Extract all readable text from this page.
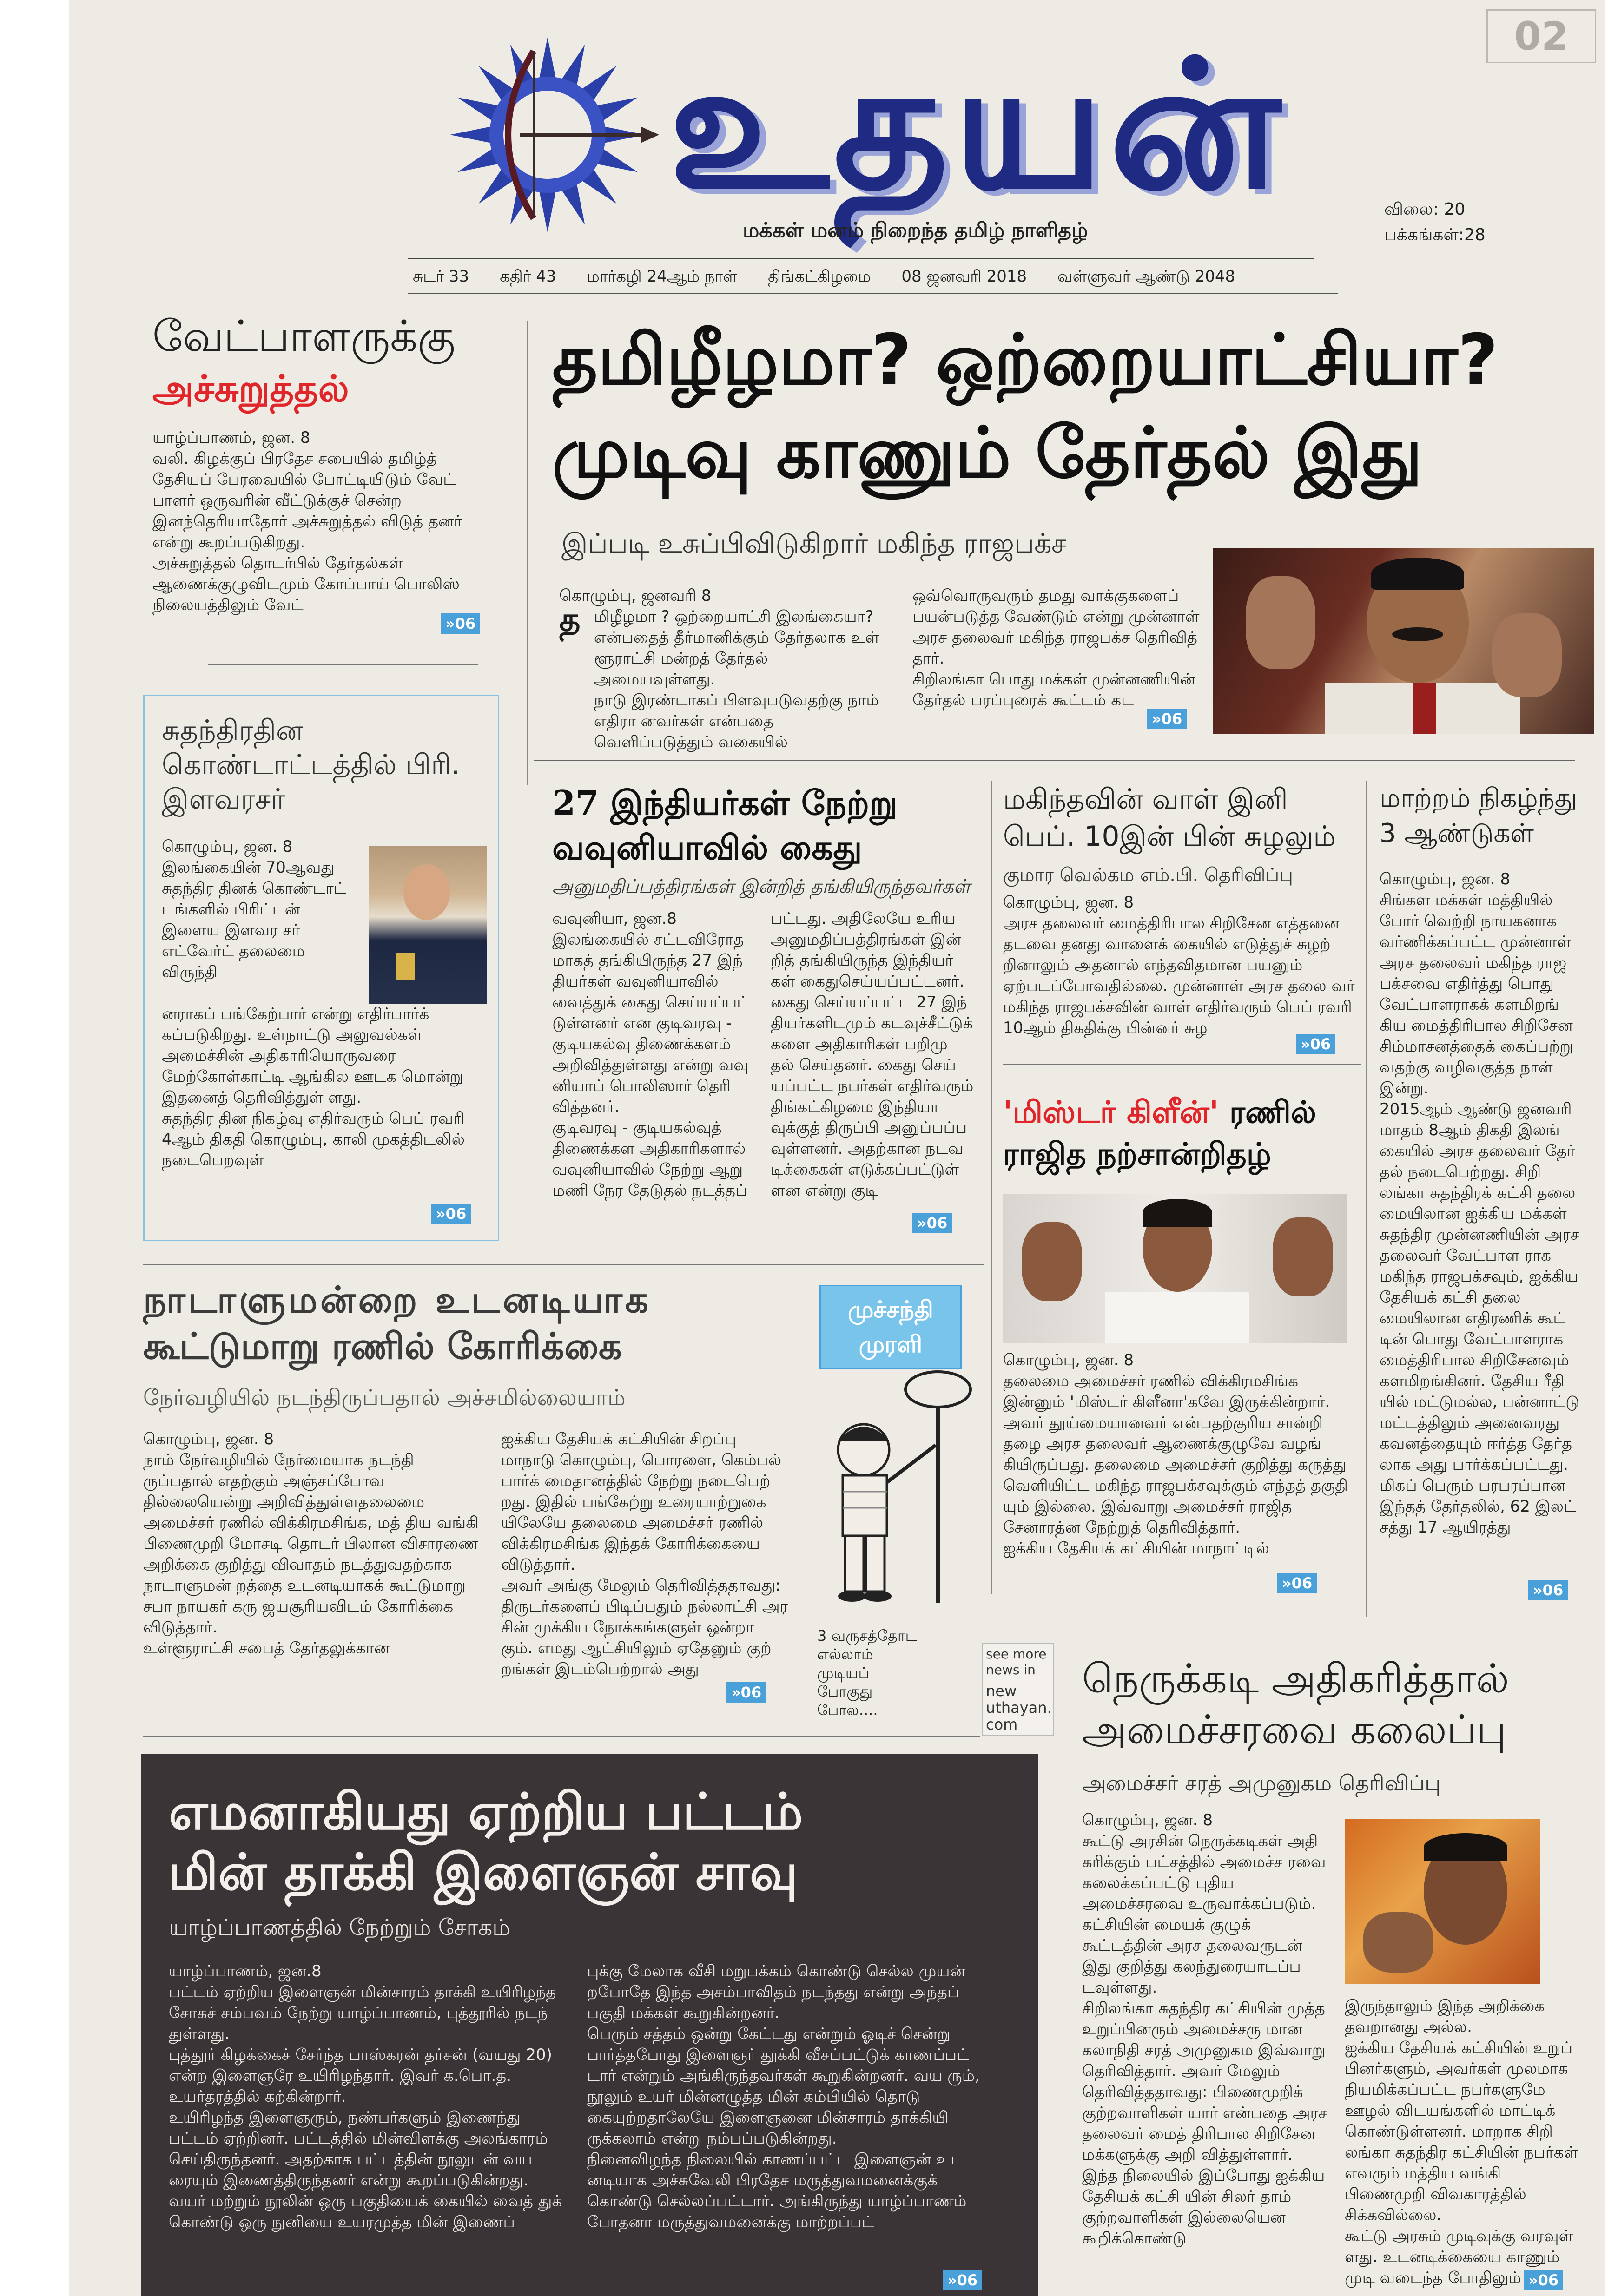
02
உதயன்
மக்கள் மனம் நிறைந்த தமிழ் நாளிதழ்
விலை: 20
பக்கங்கள்:28
சுடர் 33 கதிர் 43 மார்கழி 24ஆம் நாள் திங்கட்கிழமை 08 ஜனவரி 2018 வள்ளுவர் ஆண்டு 2048
வேட்பாளருக்கு
அச்சுறுத்தல்
யாழ்ப்பாணம், ஜன. 8
வலி. கிழக்குப் பிரதேச சபையில் தமிழ்த் தேசியப் பேரவையில் போட்டியிடும் வேட் பாளர் ஒருவரின் வீட்டுக்குச் சென்ற இனந்தெரியாதோர் அச்சுறுத்தல் விடுத் தனர் என்று கூறப்படுகிறது.
அச்சுறுத்தல் தொடர்பில் தேர்தல்கள் ஆணைக்குழுவிடமும் கோப்பாய் பொலிஸ் நிலையத்திலும் வேட்
»06
சுதந்திரதின கொண்டாட்டத்தில் பிரி. இளவரசர்
கொழும்பு, ஜன. 8
இலங்கையின் 70ஆவது சுதந்திர தினக் கொண்டாட் டங்களில் பிரிட்டன் இளைய இளவர சர் எட்வேர்ட் தலைமை விருந்தி
னராகப் பங்கேற்பார் என்று எதிர்பார்க் கப்படுகிறது. உள்நாட்டு அலுவல்கள் அமைச்சின் அதிகாரியொருவரை மேற்கோள்காட்டி ஆங்கில ஊடக மொன்று இதனைத் தெரிவித்துள் ளது.
சுதந்திர தின நிகழ்வு எதிர்வரும் பெப் ரவரி 4ஆம் திகதி கொழும்பு, காலி முகத்திடலில் நடைபெறவுள்
»06
தமிழீழமா? ஒற்றையாட்சியா?
முடிவு காணும் தேர்தல் இது
இப்படி உசுப்பிவிடுகிறார் மகிந்த ராஜபக்ச
கொழும்பு, ஜனவரி 8
த மிழீழமா ? ஒற்றையாட்சி இலங்கையா? என்பதைத் தீர்மானிக்கும் தேர்தலாக உள் ளூராட்சி மன்றத் தேர்தல் அமையவுள்ளது.
நாடு இரண்டாகப் பிளவுபடுவதற்கு நாம் எதிரா னவர்கள் என்பதை வெளிப்படுத்தும் வகையில்
ஒவ்வொருவரும் தமது வாக்குகளைப் பயன்படுத்த வேண்டும் என்று முன்னாள் அரச தலைவர் மகிந்த ராஜபக்ச தெரிவித் தார்.
சிறிலங்கா பொது மக்கள் முன்னணியின் தேர்தல் பரப்புரைக் கூட்டம் கட
»06
27 இந்தியர்கள் நேற்று வவுனியாவில் கைது
அனுமதிப்பத்திரங்கள் இன்றித் தங்கியிருந்தவர்கள்
வவுனியா, ஜன.8
இலங்கையில் சட்டவிரோத மாகத் தங்கியிருந்த 27 இந் தியர்கள் வவுனியாவில் வைத்துக் கைது செய்யப்பட் டுள்ளனர் என குடிவரவு - குடியகல்வு திணைக்களம் அறிவித்துள்ளது என்று வவு னியாப் பொலிஸார் தெரி வித்தனர்.
குடிவரவு - குடியகல்வுத் திணைக்கள அதிகாரிகளால் வவுனியாவில் நேற்று ஆறு மணி நேர தேடுதல் நடத்தப்
பட்டது. அதிலேயே உரிய அனுமதிப்பத்திரங்கள் இன் றித் தங்கியிருந்த இந்தியர் கள் கைதுசெய்யப்பட்டனர்.
கைது செய்யப்பட்ட 27 இந் தியர்களிடமும் கடவுச்சீட்டுக் களை அதிகாரிகள் பறிமு தல் செய்தனர். கைது செய் யப்பட்ட நபர்கள் எதிர்வரும் திங்கட்கிழமை இந்தியா வுக்குத் திருப்பி அனுப்பப்ப வுள்ளனர். அதற்கான நடவ டிக்கைகள் எடுக்கப்பட்டுள் ளன என்று குடி
»06
மகிந்தவின் வாள் இனி பெப். 10இன் பின் சுழலும்
குமார வெல்கம எம்.பி. தெரிவிப்பு
கொழும்பு, ஜன. 8
அரச தலைவர் மைத்திரிபால சிறிசேன எத்தனை தடவை தனது வாளைக் கையில் எடுத்துச் சுழற் றினாலும் அதனால் எந்தவிதமான பயனும் ஏற்படப்போவதில்லை. முன்னாள் அரச தலை வர் மகிந்த ராஜபக்சவின் வாள் எதிர்வரும் பெப் ரவரி 10ஆம் திகதிக்கு பின்னர் சுழ
»06
மாற்றம் நிகழ்ந்து 3 ஆண்டுகள்
கொழும்பு, ஜன. 8
சிங்கள மக்கள் மத்தியில் போர் வெற்றி நாயகனாக வர்ணிக்கப்பட்ட முன்னாள் அரச தலைவர் மகிந்த ராஜ பக்சவை எதிர்த்து பொது வேட்பாளராகக் களமிறங் கிய மைத்திரிபால சிறிசேன சிம்மாசனத்தைக் கைப்பற்று வதற்கு வழிவகுத்த நாள் இன்று.
2015ஆம் ஆண்டு ஜனவரி மாதம் 8ஆம் திகதி இலங் கையில் அரச தலைவர் தேர் தல் நடைபெற்றது. சிறி லங்கா சுதந்திரக் கட்சி தலை மையிலான ஐக்கிய மக்கள் சுதந்திர முன்னணியின் அரச தலைவர் வேட்பாள ராக மகிந்த ராஜபக்சவும், ஐக்கிய தேசியக் கட்சி தலை மையிலான எதிரணிக் கூட் டின் பொது வேட்பாளராக மைத்திரிபால சிறிசேனவும் களமிறங்கினர். தேசிய ரீதி யில் மட்டுமல்ல, பன்னாட்டு மட்டத்திலும் அனைவரது கவனத்தையும் ஈர்த்த தேர்த லாக அது பார்க்கப்பட்டது. மிகப் பெரும் பரபரப்பான இந்தத் தேர்தலில், 62 இலட் சத்து 17 ஆயிரத்து
»06
'மிஸ்டர் கிளீன்' ரணில்
ராஜித நற்சான்றிதழ்
கொழும்பு, ஜன. 8
தலைமை அமைச்சர் ரணில் விக்கிரமசிங்க இன்னும் 'மிஸ்டர் கிளீனா'கவே இருக்கின்றார். அவர் தூய்மையானவர் என்பதற்குரிய சான்றி தழை அரச தலைவர் ஆணைக்குழுவே வழங் கியிருப்பது. தலைமை அமைச்சர் குறித்து கருத்து வெளியிட்ட மகிந்த ராஜபக்சவுக்கும் எந்தத் தகுதி யும் இல்லை. இவ்வாறு அமைச்சர் ராஜித சேனாரத்ன நேற்றுத் தெரிவித்தார்.
ஐக்கிய தேசியக் கட்சியின் மாநாட்டில்
»06
நாடாளுமன்றை உடனடியாக
கூட்டுமாறு ரணில் கோரிக்கை
நேர்வழியில் நடந்திருப்பதால் அச்சமில்லையாம்
கொழும்பு, ஜன. 8
நாம் நேர்வழியில் நேர்மையாக நடந்தி ருப்பதால் எதற்கும் அஞ்சப்போவ தில்லையென்று அறிவித்துள்ளதலைமை அமைச்சர் ரணில் விக்கிரமசிங்க, மத் திய வங்கி பிணைமுறி மோசடி தொடர் பிலான விசாரணை அறிக்கை குறித்து விவாதம் நடத்துவதற்காக நாடாளுமன் றத்தை உடனடியாகக் கூட்டுமாறு சபா நாயகர் கரு ஜயசூரியவிடம் கோரிக்கை விடுத்தார்.
உள்ளூராட்சி சபைத் தேர்தலுக்கான
ஐக்கிய தேசியக் கட்சியின் சிறப்பு மாநாடு கொழும்பு, பொரளை, கெம்பல் பார்க் மைதானத்தில் நேற்று நடைபெற் றது. இதில் பங்கேற்று உரையாற்றுகை யிலேயே தலைமை அமைச்சர் ரணில் விக்கிரமசிங்க இந்தக் கோரிக்கையை விடுத்தார்.
அவர் அங்கு மேலும் தெரிவித்ததாவது: திருடர்களைப் பிடிப்பதும் நல்லாட்சி அர சின் முக்கிய நோக்கங்களுள் ஒன்றா கும். எமது ஆட்சியிலும் ஏதேனும் குற் றங்கள் இடம்பெற்றால் அது
»06
முச்சந்தி
முரளி
3 வருசத்தோட எல்லாம் முடியப் போகுது போல....
see more news in
new uthayan. com
நெருக்கடி அதிகரித்தால்
அமைச்சரவை கலைப்பு
அமைச்சர் சரத் அமுனுகம தெரிவிப்பு
கொழும்பு, ஜன. 8
கூட்டு அரசின் நெருக்கடிகள் அதி கரிக்கும் பட்சத்தில் அமைச்ச ரவை கலைக்கப்பட்டு புதிய அமைச்சரவை உருவாக்கப்படும். கட்சியின் மையக் குழுக் கூட்டத்தின் அரச தலைவருடன் இது குறித்து கலந்துரையாடப்ப டவுள்ளது.
சிறிலங்கா சுதந்திர கட்சியின் முத்த உறுப்பினரும் அமைச்சரு மான கலாநிதி சரத் அமுனுகம இவ்வாறு தெரிவித்தார். அவர் மேலும் தெரிவித்ததாவது: பிணைமுறிக் குற்றவாளிகள் யார் என்பதை அரச தலைவர் மைத் திரிபால சிறிசேன மக்களுக்கு அறி வித்துள்ளார். இந்த நிலையில் இப்போது ஐக்கிய தேசியக் கட்சி யின் சிலர் தாம் குற்றவாளிகள் இல்லையென கூறிக்கொண்டு
இருந்தாலும் இந்த அறிக்கை தவறானது அல்ல.
ஐக்கிய தேசியக் கட்சியின் உறுப் பினர்களும், அவர்கள் முலமாக நியமிக்கப்பட்ட நபர்களுமே ஊழல் விடயங்களில் மாட்டிக் கொண்டுள்ளனர். மாறாக சிறி லங்கா சுதந்திர கட்சியின் நபர்கள் எவரும் மத்திய வங்கி பிணைமுறி விவகாரத்தில் சிக்கவில்லை.
கூட்டு அரசும் முடிவுக்கு வரவுள் ளது. உடனடிக்கையை காணும் முடி வடைந்த போதிலும் »06
எமனாகியது ஏற்றிய பட்டம்
மின் தாக்கி இளைஞன் சாவு
யாழ்ப்பாணத்தில் நேற்றும் சோகம்
யாழ்ப்பாணம், ஜன.8
பட்டம் ஏற்றிய இளைஞன் மின்சாரம் தாக்கி உயிரிழந்த சோகச் சம்பவம் நேற்று யாழ்ப்பாணம், புத்தூரில் நடந் துள்ளது.
புத்தூர் கிழக்கைச் சேர்ந்த பாஸ்கரன் தர்சன் (வயது 20) என்ற இளைஞரே உயிரிழந்தார். இவர் க.பொ.த. உயர்தரத்தில் கற்கின்றார்.
உயிரிழந்த இளைஞரும், நண்பர்களும் இணைந்து பட்டம் ஏற்றினர். பட்டத்தில் மின்விளக்கு அலங்காரம் செய்திருந்தனர். அதற்காக பட்டத்தின் நூலுடன் வய ரையும் இணைத்திருந்தனர் என்று கூறப்படுகின்றது. வயர் மற்றும் நூலின் ஒரு பகுதியைக் கையில் வைத் துக் கொண்டு ஒரு நுனியை உயரமுத்த மின் இணைப்
புக்கு மேலாக வீசி மறுபக்கம் கொண்டு செல்ல முயன் றபோதே இந்த அசம்பாவிதம் நடந்தது என்று அந்தப் பகுதி மக்கள் கூறுகின்றனர்.
பெரும் சத்தம் ஒன்று கேட்டது என்றும் ஓடிச் சென்று பார்த்தபோது இளைஞர் தூக்கி வீசப்பட்டுக் காணப்பட் டார் என்றும் அங்கிருந்தவர்கள் கூறுகின்றனர். வய ரும், நூலும் உயர் மின்னழுத்த மின் கம்பியில் தொடு கையுற்றதாலேயே இளைஞனை மின்சாரம் தாக்கியி ருக்கலாம் என்று நம்பப்படுகின்றது.
நினைவிழந்த நிலையில் காணப்பட்ட இளைஞன் உட னடியாக அச்சுவேலி பிரதேச மருத்துவமனைக்குக் கொண்டு செல்லப்பட்டார். அங்கிருந்து யாழ்ப்பாணம் போதனா மருத்துவமனைக்கு மாற்றப்பட்
»06
